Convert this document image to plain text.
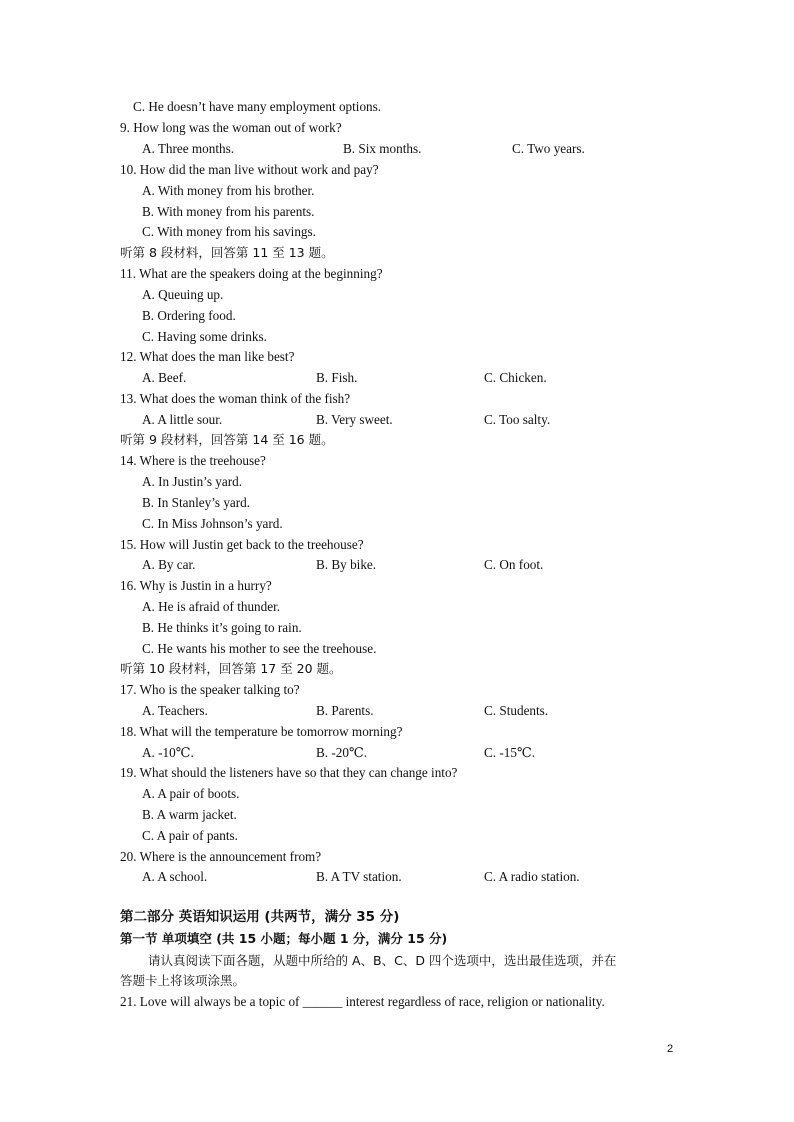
C. He doesn’t have many employment options.
9. How long was the woman out of work?
A. Three months.	B. Six months.	C. Two years.
10. How did the man live without work and pay?
A. With money from his brother.
B. With money from his parents.
C. With money from his savings.
听第 8 段材料，回答第 11 至 13 题。
11. What are the speakers doing at the beginning?
A. Queuing up.
B. Ordering food.
C. Having some drinks.
12. What does the man like best?
A. Beef.	B. Fish.	C. Chicken.
13. What does the woman think of the fish?
A. A little sour.	B. Very sweet.	C. Too salty.
听第 9 段材料，回答第 14 至 16 题。
14. Where is the treehouse?
A. In Justin’s yard.
B. In Stanley’s yard.
C. In Miss Johnson’s yard.
15. How will Justin get back to the treehouse?
A. By car.	B. By bike.	C. On foot.
16. Why is Justin in a hurry?
A. He is afraid of thunder.
B. He thinks it’s going to rain.
C. He wants his mother to see the treehouse.
听第 10 段材料，回答第 17 至 20 题。
17. Who is the speaker talking to?
A. Teachers.	B. Parents.	C. Students.
18. What will the temperature be tomorrow morning?
A. -10℃.	B. -20℃.	C. -15℃.
19. What should the listeners have so that they can change into?
A. A pair of boots.
B. A warm jacket.
C. A pair of pants.
20. Where is the announcement from?
A. A school.	B. A TV station.	C. A radio station.
第二部分 英语知识运用 (共两节，满分 35 分)
第一节 单项填空 (共 15 小题；每小题 1 分，满分 15 分)
请认真阅读下面各题，从题中所给的 A、B、C、D 四个选项中，选出最佳选项，并在
答题卡上将该项涂黑。
21. Love will always be a topic of ______ interest regardless of race, religion or nationality.
2
